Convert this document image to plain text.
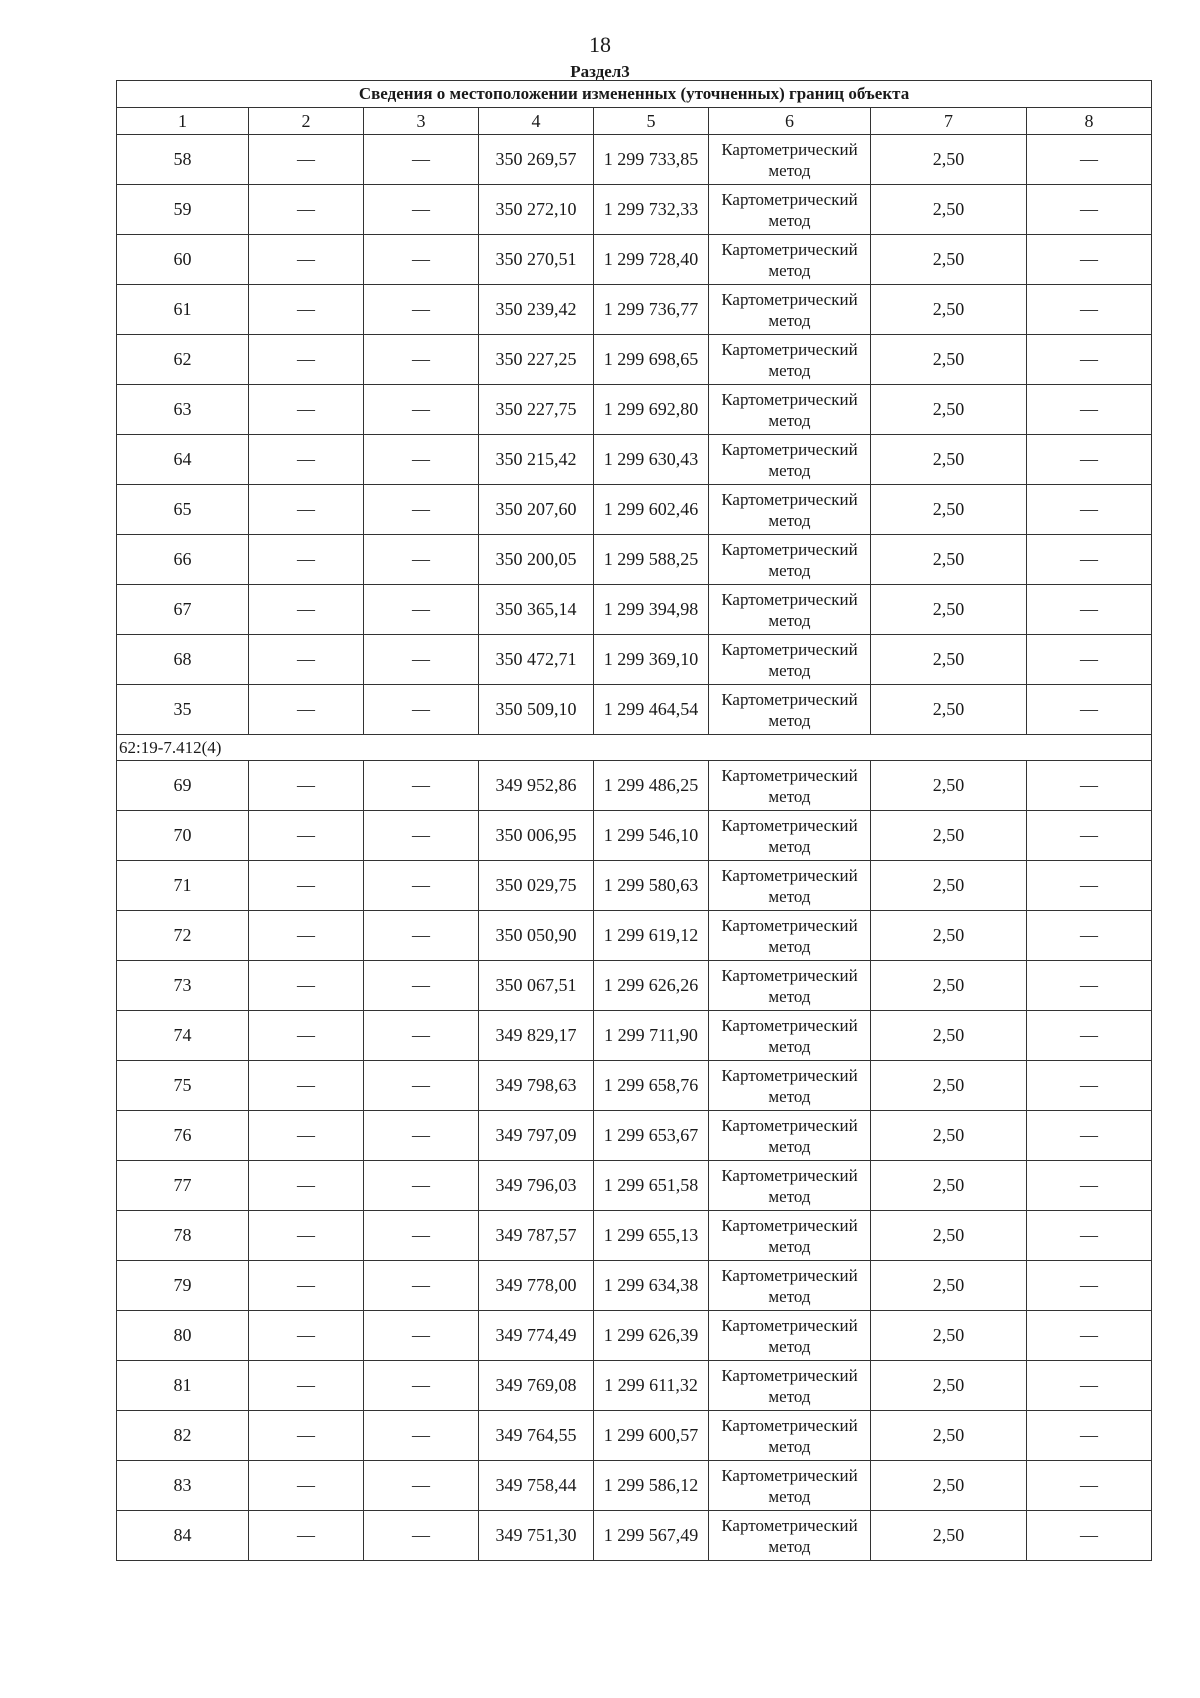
18
Раздел3
Сведения о местоположении измененных (уточненных) границ объекта							
1	2	3	4	5	6	7	8
58	—	—	350 269,57	1 299 733,85	Картометрический метод	2,50	—
59	—	—	350 272,10	1 299 732,33	Картометрический метод	2,50	—
60	—	—	350 270,51	1 299 728,40	Картометрический метод	2,50	—
61	—	—	350 239,42	1 299 736,77	Картометрический метод	2,50	—
62	—	—	350 227,25	1 299 698,65	Картометрический метод	2,50	—
63	—	—	350 227,75	1 299 692,80	Картометрический метод	2,50	—
64	—	—	350 215,42	1 299 630,43	Картометрический метод	2,50	—
65	—	—	350 207,60	1 299 602,46	Картометрический метод	2,50	—
66	—	—	350 200,05	1 299 588,25	Картометрический метод	2,50	—
67	—	—	350 365,14	1 299 394,98	Картометрический метод	2,50	—
68	—	—	350 472,71	1 299 369,10	Картометрический метод	2,50	—
35	—	—	350 509,10	1 299 464,54	Картометрический метод	2,50	—
62:19-7.412(4)							
69	—	—	349 952,86	1 299 486,25	Картометрический метод	2,50	—
70	—	—	350 006,95	1 299 546,10	Картометрический метод	2,50	—
71	—	—	350 029,75	1 299 580,63	Картометрический метод	2,50	—
72	—	—	350 050,90	1 299 619,12	Картометрический метод	2,50	—
73	—	—	350 067,51	1 299 626,26	Картометрический метод	2,50	—
74	—	—	349 829,17	1 299 711,90	Картометрический метод	2,50	—
75	—	—	349 798,63	1 299 658,76	Картометрический метод	2,50	—
76	—	—	349 797,09	1 299 653,67	Картометрический метод	2,50	—
77	—	—	349 796,03	1 299 651,58	Картометрический метод	2,50	—
78	—	—	349 787,57	1 299 655,13	Картометрический метод	2,50	—
79	—	—	349 778,00	1 299 634,38	Картометрический метод	2,50	—
80	—	—	349 774,49	1 299 626,39	Картометрический метод	2,50	—
81	—	—	349 769,08	1 299 611,32	Картометрический метод	2,50	—
82	—	—	349 764,55	1 299 600,57	Картометрический метод	2,50	—
83	—	—	349 758,44	1 299 586,12	Картометрический метод	2,50	—
84	—	—	349 751,30	1 299 567,49	Картометрический метод	2,50	—
